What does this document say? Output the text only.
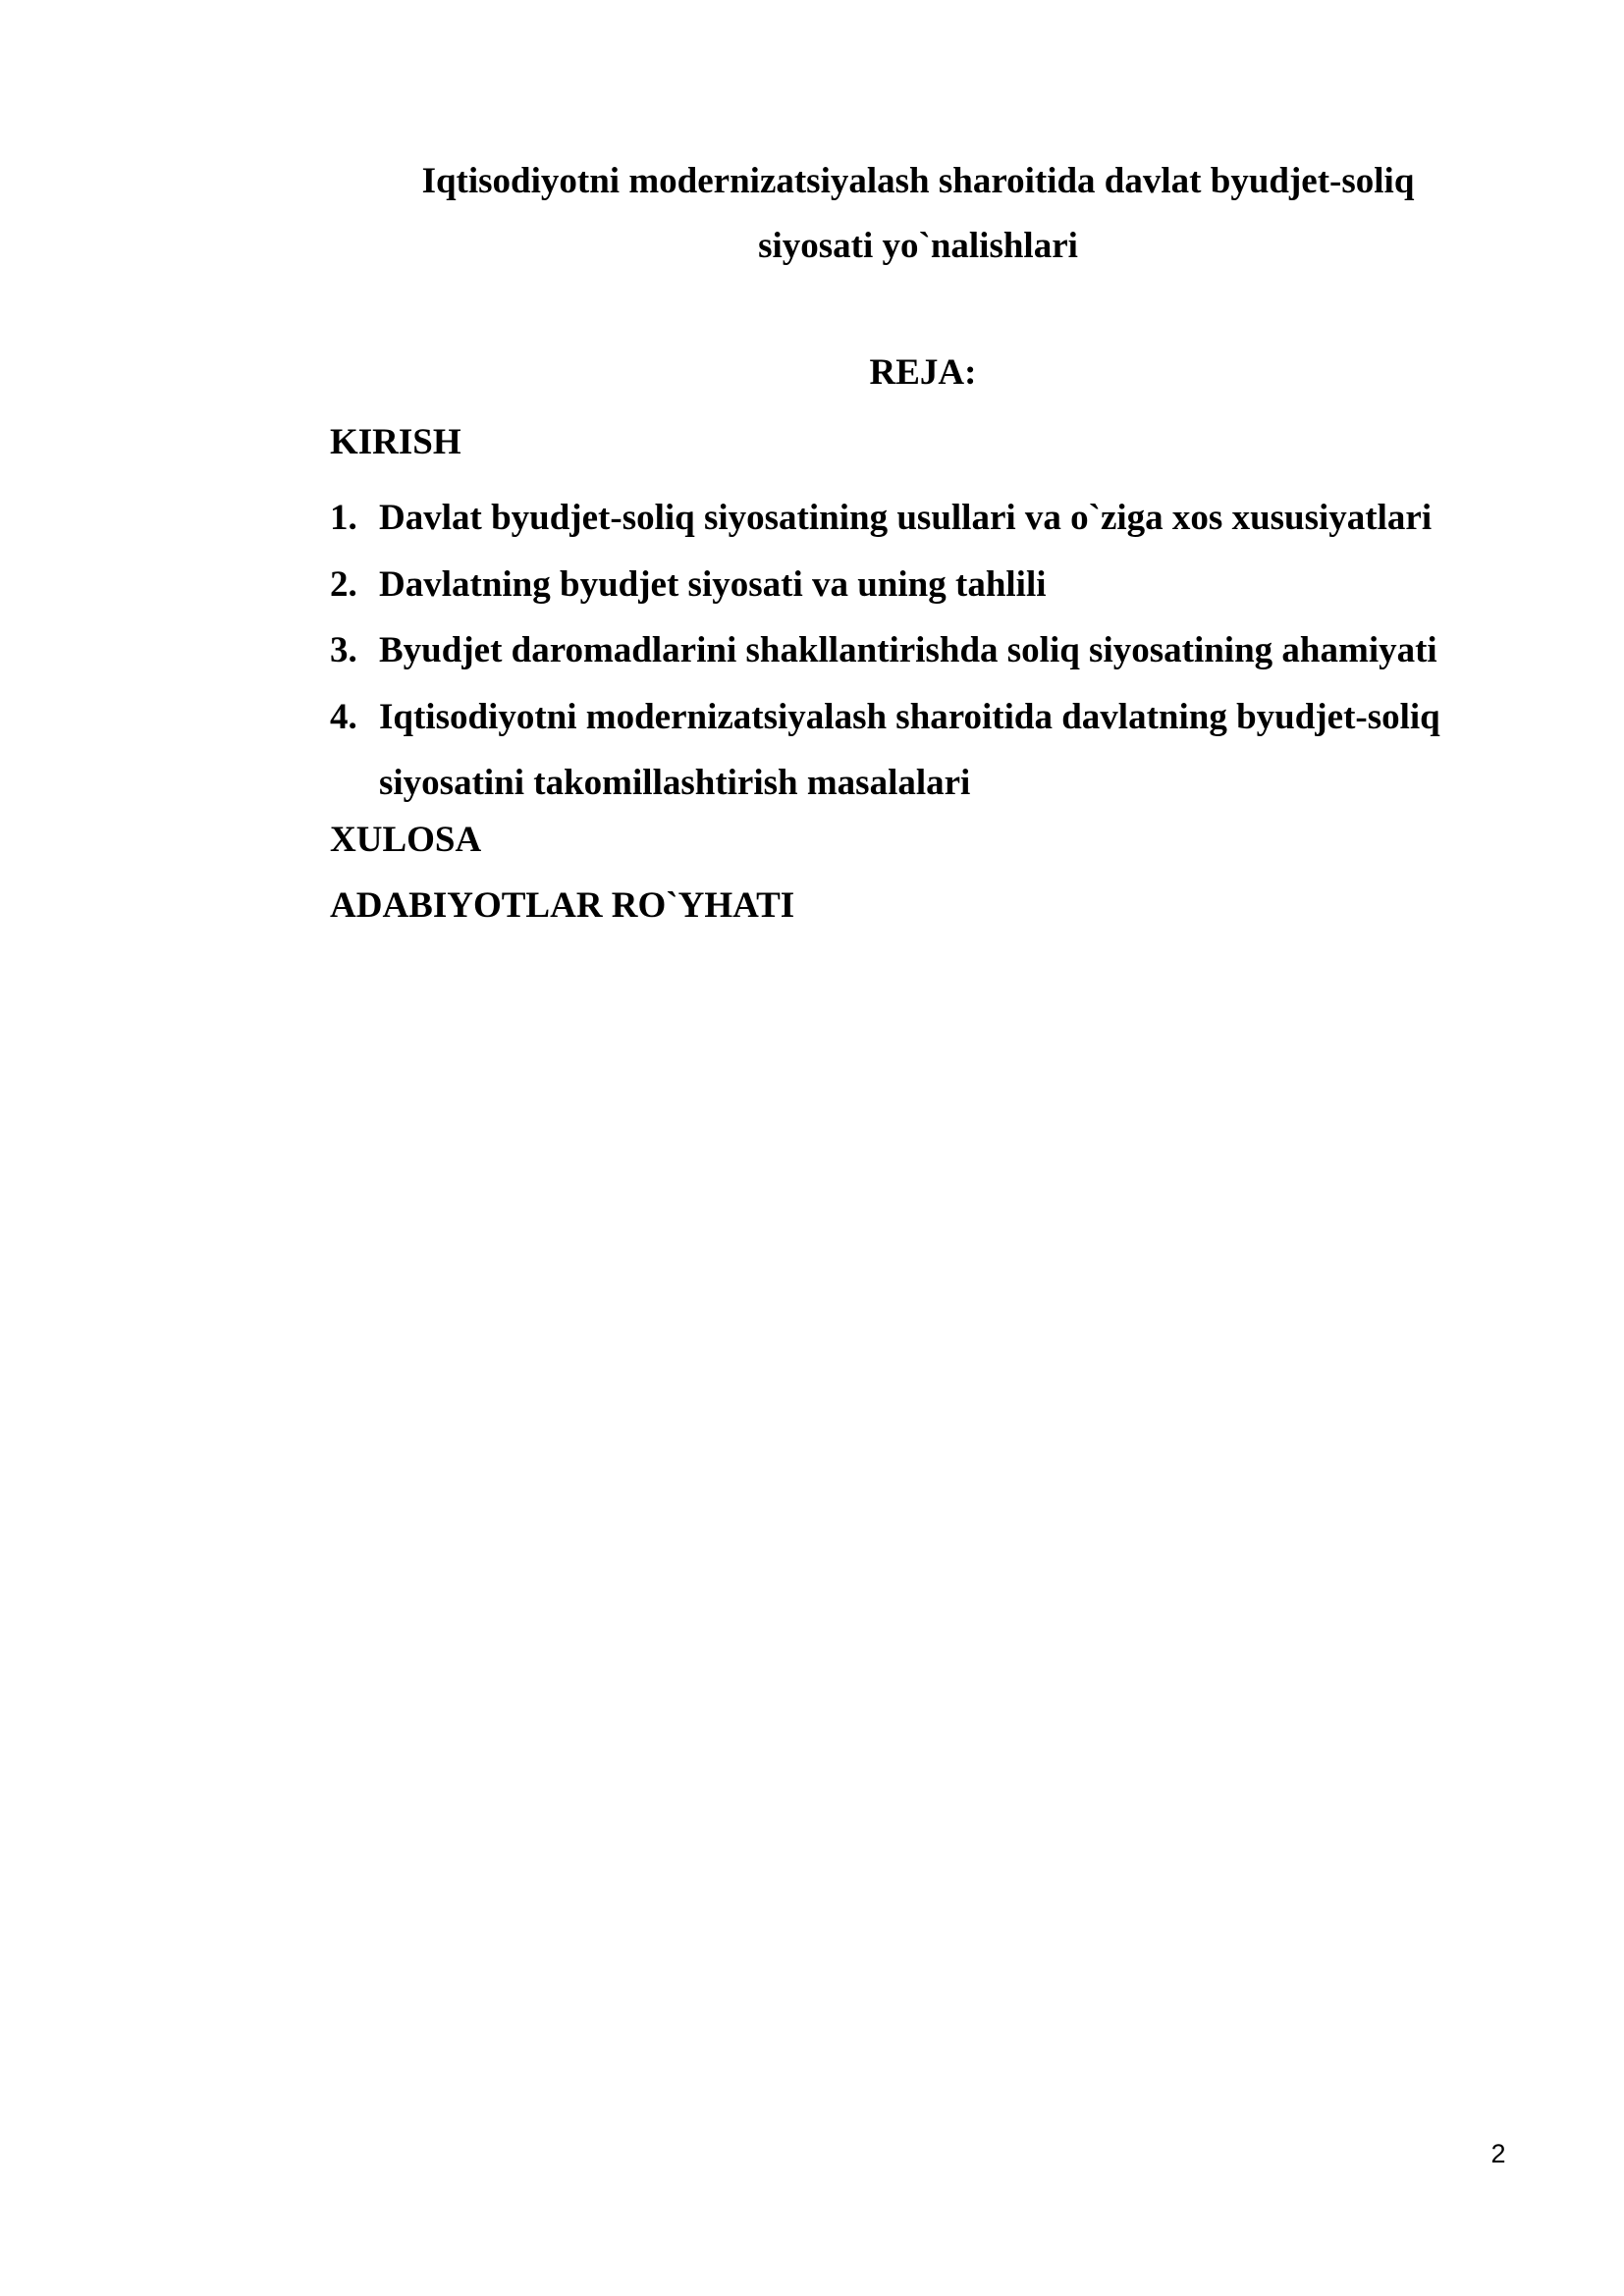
Iqtisodiyotni modernizatsiyalash sharoitida davlat byudjet-soliq
siyosati yo`nalishlari
REJA:
KIRISH
1. Davlat byudjet-soliq siyosatining usullari va o`ziga xos xususiyatlari
2. Davlatning byudjet siyosati va uning tahlili
3. Byudjet daromadlarini shakllantirishda soliq siyosatining ahamiyati
4. Iqtisodiyotni modernizatsiyalash sharoitida davlatning byudjet-soliq
siyosatini takomillashtirish masalalari
XULOSA
ADABIYOTLAR RO`YHATI
2
